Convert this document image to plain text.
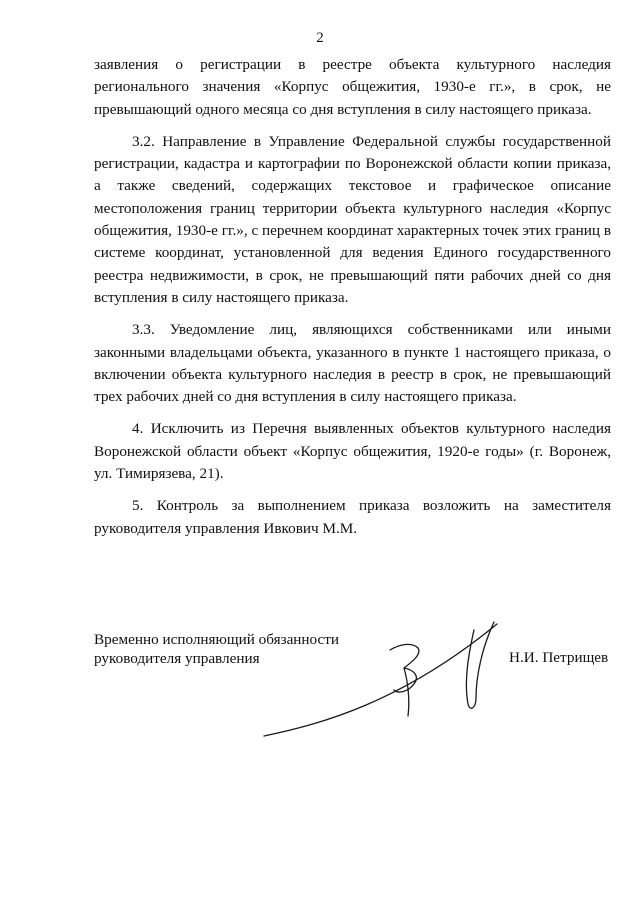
2

заявления о регистрации в реестре объекта культурного наследия регионального значения «Корпус общежития, 1930-е гг.», в срок, не превышающий одного месяца со дня вступления в силу настоящего приказа.

3.2. Направление в Управление Федеральной службы государственной регистрации, кадастра и картографии по Воронежской области копии приказа, а также сведений, содержащих текстовое и графическое описание местоположения границ территории объекта культурного наследия «Корпус общежития, 1930-е гг.», с перечнем координат характерных точек этих границ в системе координат, установленной для ведения Единого государственного реестра недвижимости, в срок, не превышающий пяти рабочих дней со дня вступления в силу настоящего приказа.

3.3. Уведомление лиц, являющихся собственниками или иными законными владельцами объекта, указанного в пункте 1 настоящего приказа, о включении объекта культурного наследия в реестр в срок, не превышающий трех рабочих дней со дня вступления в силу настоящего приказа.

4. Исключить из Перечня выявленных объектов культурного наследия Воронежской области объект «Корпус общежития, 1920-е годы» (г. Воронеж, ул. Тимирязева, 21).

5. Контроль за выполнением приказа возложить на заместителя руководителя управления Ивкович М.М.

Временно исполняющий обязанности
руководителя управления	Н.И. Петрищев
